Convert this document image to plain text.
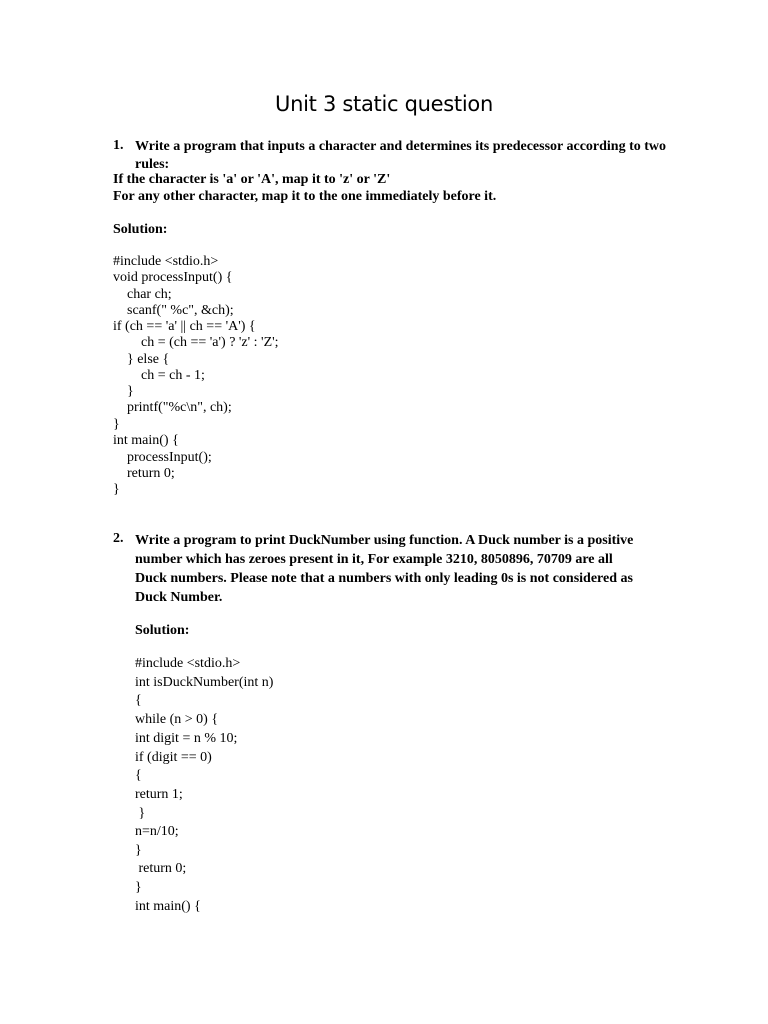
Unit 3 static question
1. Write a program that inputs a character and determines its predecessor according to two rules:
If the character is 'a' or 'A', map it to 'z' or 'Z'
For any other character, map it to the one immediately before it.
Solution:
#include <stdio.h>
void processInput() {
char ch;
scanf(" %c", &ch);
if (ch == 'a' || ch == 'A') {
ch = (ch == 'a') ? 'z' : 'Z';
} else {
ch = ch - 1;
}
printf("%c\n", ch);
}
int main() {
processInput();
return 0;
}
2. Write a program to print DuckNumber using function. A Duck number is a positive number which has zeroes present in it, For example 3210, 8050896, 70709 are all Duck numbers. Please note that a numbers with only leading 0s is not considered as Duck Number.
Solution:
#include <stdio.h>
int isDuckNumber(int n)
{
while (n > 0) {
int digit = n % 10;
if (digit == 0)
{
return 1;
}
n=n/10;
}
return 0;
}
int main() {
